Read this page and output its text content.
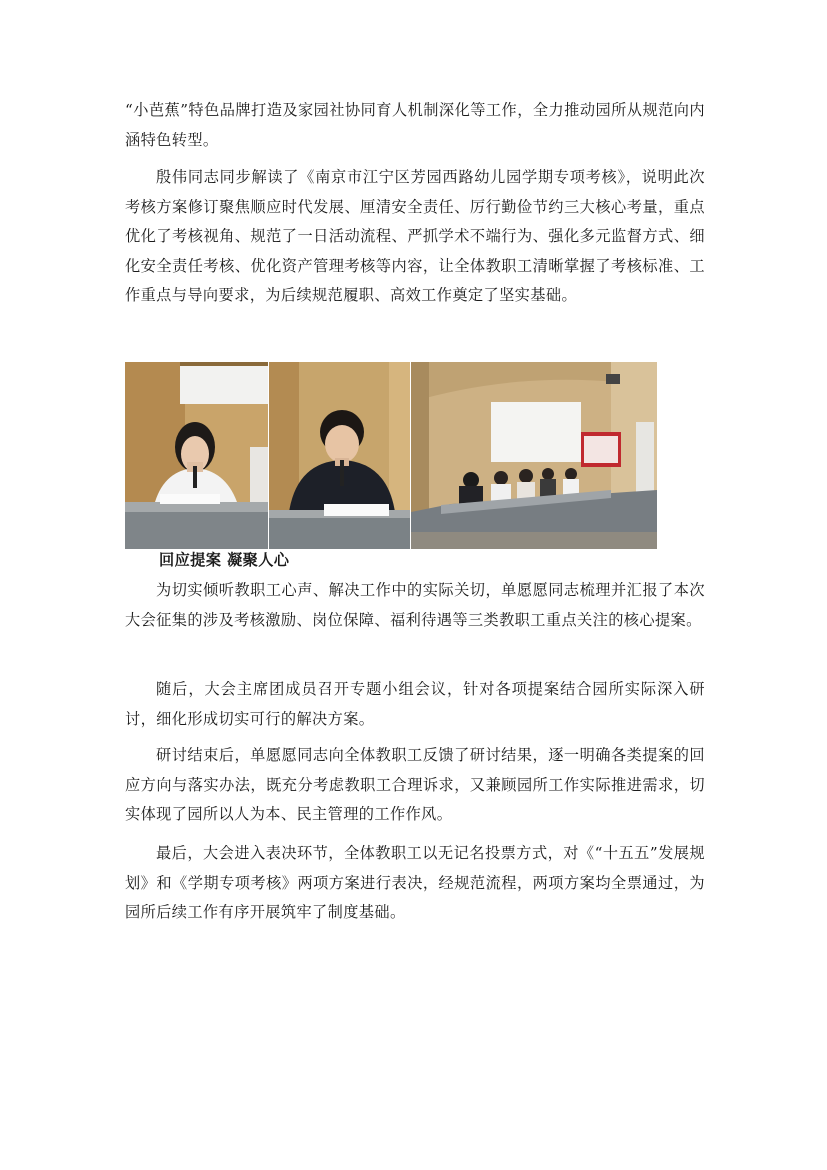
“小芭蕉”特色品牌打造及家园社协同育人机制深化等工作，全力推动园所从规范向内涵特色转型。

殷伟同志同步解读了《南京市江宁区芳园西路幼儿园学期专项考核》，说明此次考核方案修订聚焦顺应时代发展、厘清安全责任、厉行勤俭节约三大核心考量，重点优化了考核视角、规范了一日活动流程、严抓学术不端行为、强化多元监督方式、细化安全责任考核、优化资产管理考核等内容，让全体教职工清晰掌握了考核标准、工作重点与导向要求，为后续规范履职、高效工作奠定了坚实基础。

回应提案 凝聚人心

为切实倾听教职工心声、解决工作中的实际关切，单愿愿同志梳理并汇报了本次大会征集的涉及考核激励、岗位保障、福利待遇等三类教职工重点关注的核心提案。

随后，大会主席团成员召开专题小组会议，针对各项提案结合园所实际深入研讨，细化形成切实可行的解决方案。

研讨结束后，单愿愿同志向全体教职工反馈了研讨结果，逐一明确各类提案的回应方向与落实办法，既充分考虑教职工合理诉求，又兼顾园所工作实际推进需求，切实体现了园所以人为本、民主管理的工作作风。

最后，大会进入表决环节，全体教职工以无记名投票方式，对《“十五五”发展规划》和《学期专项考核》两项方案进行表决，经规范流程，两项方案均全票通过，为园所后续工作有序开展筑牢了制度基础。
